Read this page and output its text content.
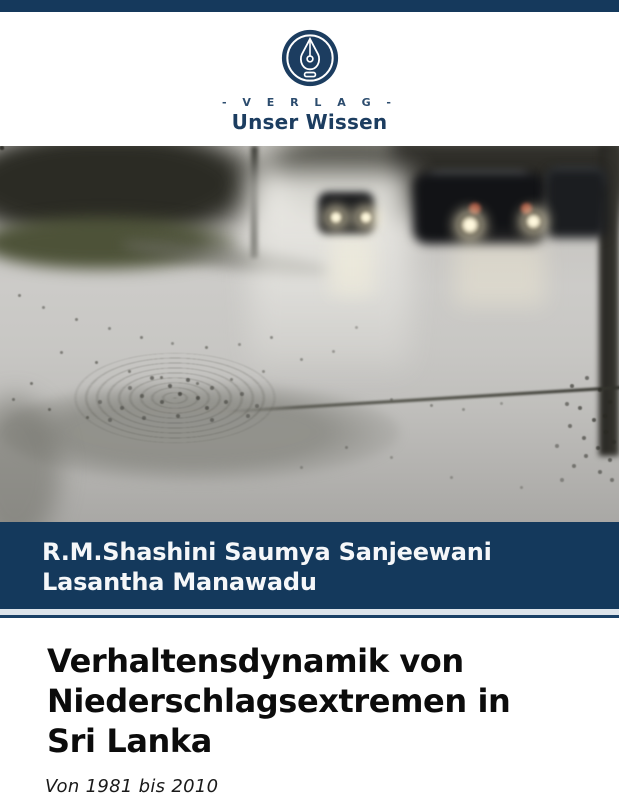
- V E R L A G -
Unser Wissen
R.M.Shashini Saumya Sanjeewani
Lasantha Manawadu
Verhaltensdynamik von
Niederschlagsextremen in
Sri Lanka
Von 1981 bis 2010
